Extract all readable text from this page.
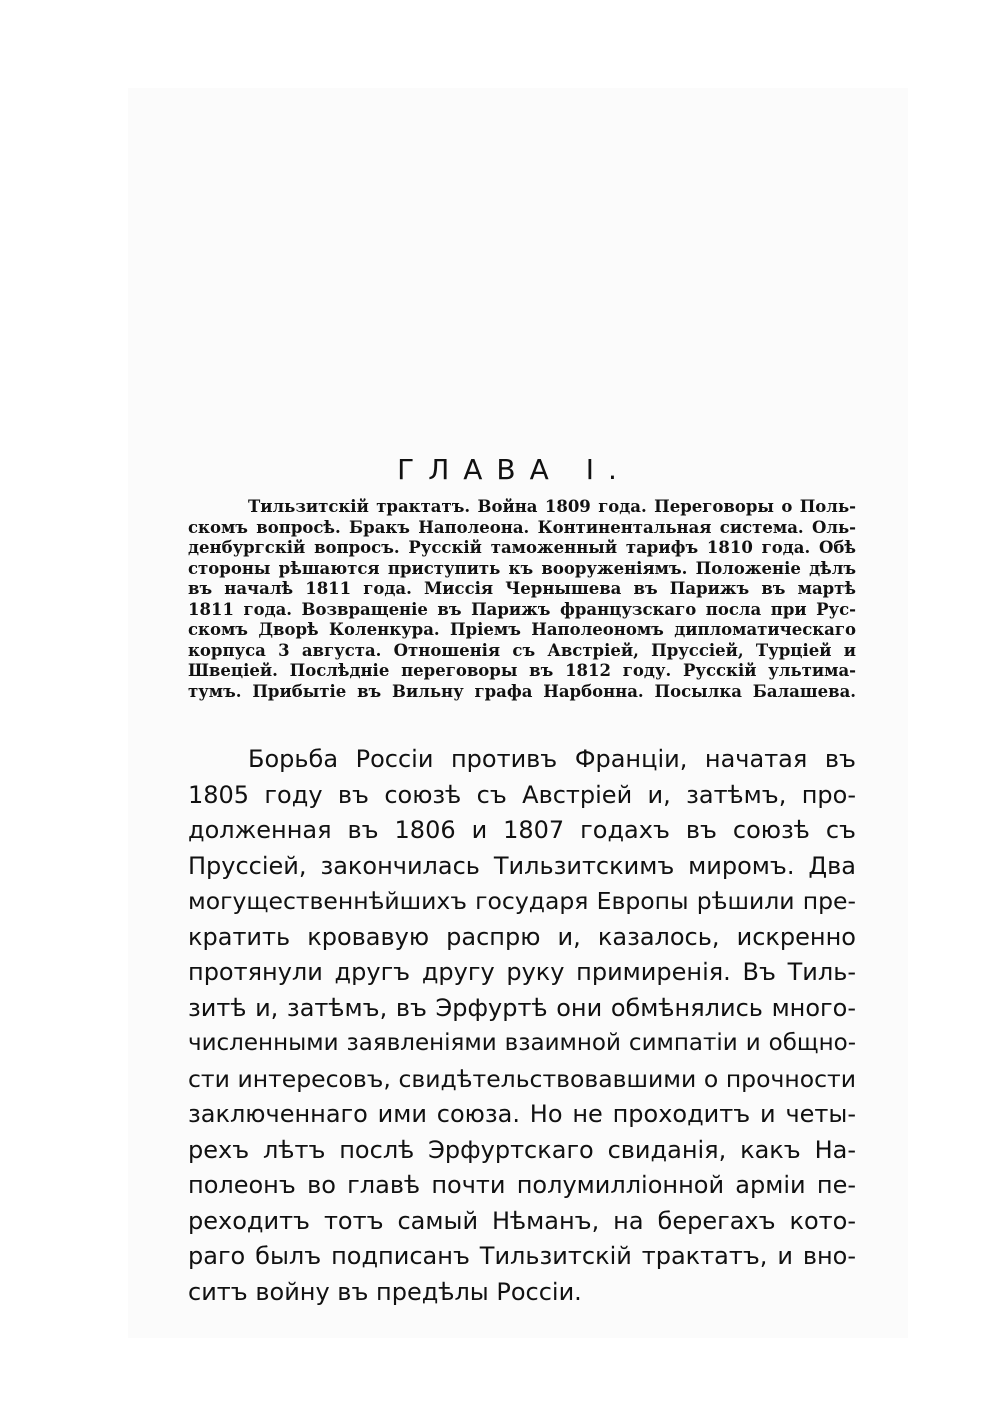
ГЛАВА I.
Тильзитскій трактатъ. Война 1809 года. Переговоры о Поль-
скомъ вопросѣ. Бракъ Наполеона. Континентальная система. Оль-
денбургскій вопросъ. Русскій таможенный тарифъ 1810 года. Обѣ
стороны рѣшаются приступить къ вооруженіямъ. Положеніе дѣлъ
въ началѣ 1811 года. Миссія Чернышева въ Парижъ въ мартѣ
1811 года. Возвращеніе въ Парижъ французскаго посла при Рус-
скомъ Дворѣ Коленкура. Пріемъ Наполеономъ дипломатическаго
корпуса 3 августа. Отношенія съ Австріей, Пруссіей, Турціей и
Швеціей. Послѣдніе переговоры въ 1812 году. Русскій ультима-
тумъ. Прибытіе въ Вильну графа Нарбонна. Посылка Балашева.
Борьба Россіи противъ Франціи, начатая въ
1805 году въ союзѣ съ Австріей и, затѣмъ, про-
долженная въ 1806 и 1807 годахъ въ союзѣ съ
Пруссіей, закончилась Тильзитскимъ миромъ. Два
могущественнѣйшихъ государя Европы рѣшили пре-
кратить кровавую распрю и, казалось, искренно
протянули другъ другу руку примиренія. Въ Тиль-
зитѣ и, затѣмъ, въ Эрфуртѣ они обмѣнялись много-
численными заявленіями взаимной симпатіи и общно-
сти интересовъ, свидѣтельствовавшими о прочности
заключеннаго ими союза. Но не проходитъ и четы-
рехъ лѣтъ послѣ Эрфуртскаго свиданія, какъ На-
полеонъ во главѣ почти полумилліонной арміи пе-
реходитъ тотъ самый Нѣманъ, на берегахъ кото-
раго былъ подписанъ Тильзитскій трактатъ, и вно-
ситъ войну въ предѣлы Россіи.
